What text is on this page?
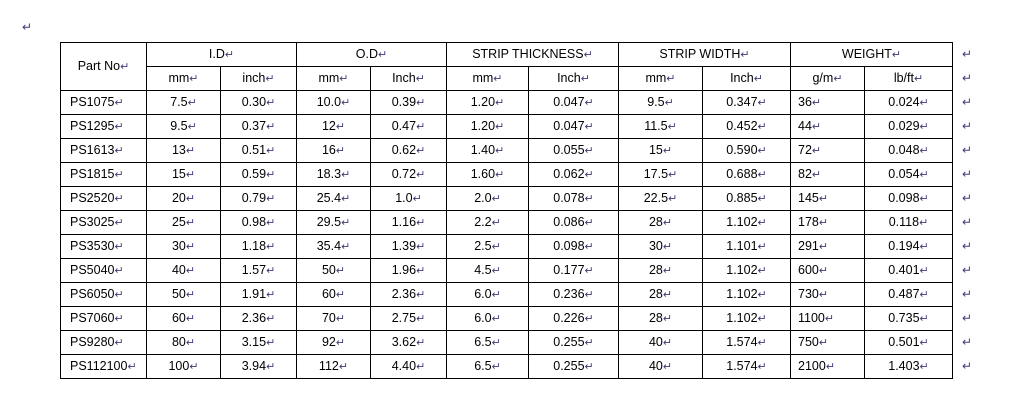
↵
Part No↵	I.D↵		O.D↵		STRIP THICKNESS↵		STRIP WIDTH↵		WEIGHT↵	
	mm↵	inch↵	mm↵	Inch↵	mm↵	Inch↵	mm↵	Inch↵	g/m↵	lb/ft↵
PS1075↵	7.5↵	0.30↵	10.0↵	0.39↵	1.20↵	0.047↵	9.5↵	0.347↵	36↵	0.024↵
PS1295↵	9.5↵	0.37↵	12↵	0.47↵	1.20↵	0.047↵	11.5↵	0.452↵	44↵	0.029↵
PS1613↵	13↵	0.51↵	16↵	0.62↵	1.40↵	0.055↵	15↵	0.590↵	72↵	0.048↵
PS1815↵	15↵	0.59↵	18.3↵	0.72↵	1.60↵	0.062↵	17.5↵	0.688↵	82↵	0.054↵
PS2520↵	20↵	0.79↵	25.4↵	1.0↵	2.0↵	0.078↵	22.5↵	0.885↵	145↵	0.098↵
PS3025↵	25↵	0.98↵	29.5↵	1.16↵	2.2↵	0.086↵	28↵	1.102↵	178↵	0.118↵
PS3530↵	30↵	1.18↵	35.4↵	1.39↵	2.5↵	0.098↵	30↵	1.101↵	291↵	0.194↵
PS5040↵	40↵	1.57↵	50↵	1.96↵	4.5↵	0.177↵	28↵	1.102↵	600↵	0.401↵
PS6050↵	50↵	1.91↵	60↵	2.36↵	6.0↵	0.236↵	28↵	1.102↵	730↵	0.487↵
PS7060↵	60↵	2.36↵	70↵	2.75↵	6.0↵	0.226↵	28↵	1.102↵	1100↵	0.735↵
PS9280↵	80↵	3.15↵	92↵	3.62↵	6.5↵	0.255↵	40↵	1.574↵	750↵	0.501↵
PS112100↵	100↵	3.94↵	112↵	4.40↵	6.5↵	0.255↵	40↵	1.574↵	2100↵	1.403↵
↵
↵
↵
↵
↵
↵
↵
↵
↵
↵
↵
↵
↵
↵
